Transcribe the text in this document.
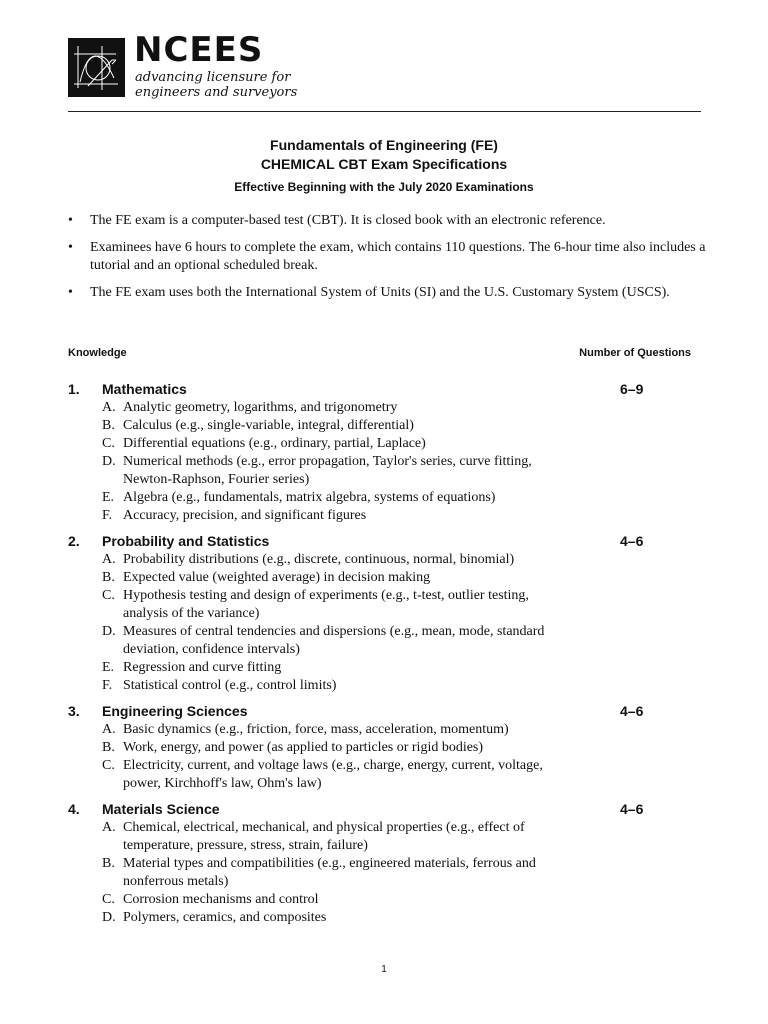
NCEES
advancing licensure for
engineers and surveyors
Fundamentals of Engineering (FE)
CHEMICAL CBT Exam Specifications
Effective Beginning with the July 2020 Examinations
• The FE exam is a computer-based test (CBT). It is closed book with an electronic reference.
• Examinees have 6 hours to complete the exam, which contains 110 questions. The 6-hour time also includes a tutorial and an optional scheduled break.
• The FE exam uses both the International System of Units (SI) and the U.S. Customary System (USCS).
Knowledge	Number of Questions
1. Mathematics	6–9
A. Analytic geometry, logarithms, and trigonometry
B. Calculus (e.g., single-variable, integral, differential)
C. Differential equations (e.g., ordinary, partial, Laplace)
D. Numerical methods (e.g., error propagation, Taylor's series, curve fitting, Newton-Raphson, Fourier series)
E. Algebra (e.g., fundamentals, matrix algebra, systems of equations)
F. Accuracy, precision, and significant figures
2. Probability and Statistics	4–6
A. Probability distributions (e.g., discrete, continuous, normal, binomial)
B. Expected value (weighted average) in decision making
C. Hypothesis testing and design of experiments (e.g., t-test, outlier testing, analysis of the variance)
D. Measures of central tendencies and dispersions (e.g., mean, mode, standard deviation, confidence intervals)
E. Regression and curve fitting
F. Statistical control (e.g., control limits)
3. Engineering Sciences	4–6
A. Basic dynamics (e.g., friction, force, mass, acceleration, momentum)
B. Work, energy, and power (as applied to particles or rigid bodies)
C. Electricity, current, and voltage laws (e.g., charge, energy, current, voltage, power, Kirchhoff's law, Ohm's law)
4. Materials Science	4–6
A. Chemical, electrical, mechanical, and physical properties (e.g., effect of temperature, pressure, stress, strain, failure)
B. Material types and compatibilities (e.g., engineered materials, ferrous and nonferrous metals)
C. Corrosion mechanisms and control
D. Polymers, ceramics, and composites
1
